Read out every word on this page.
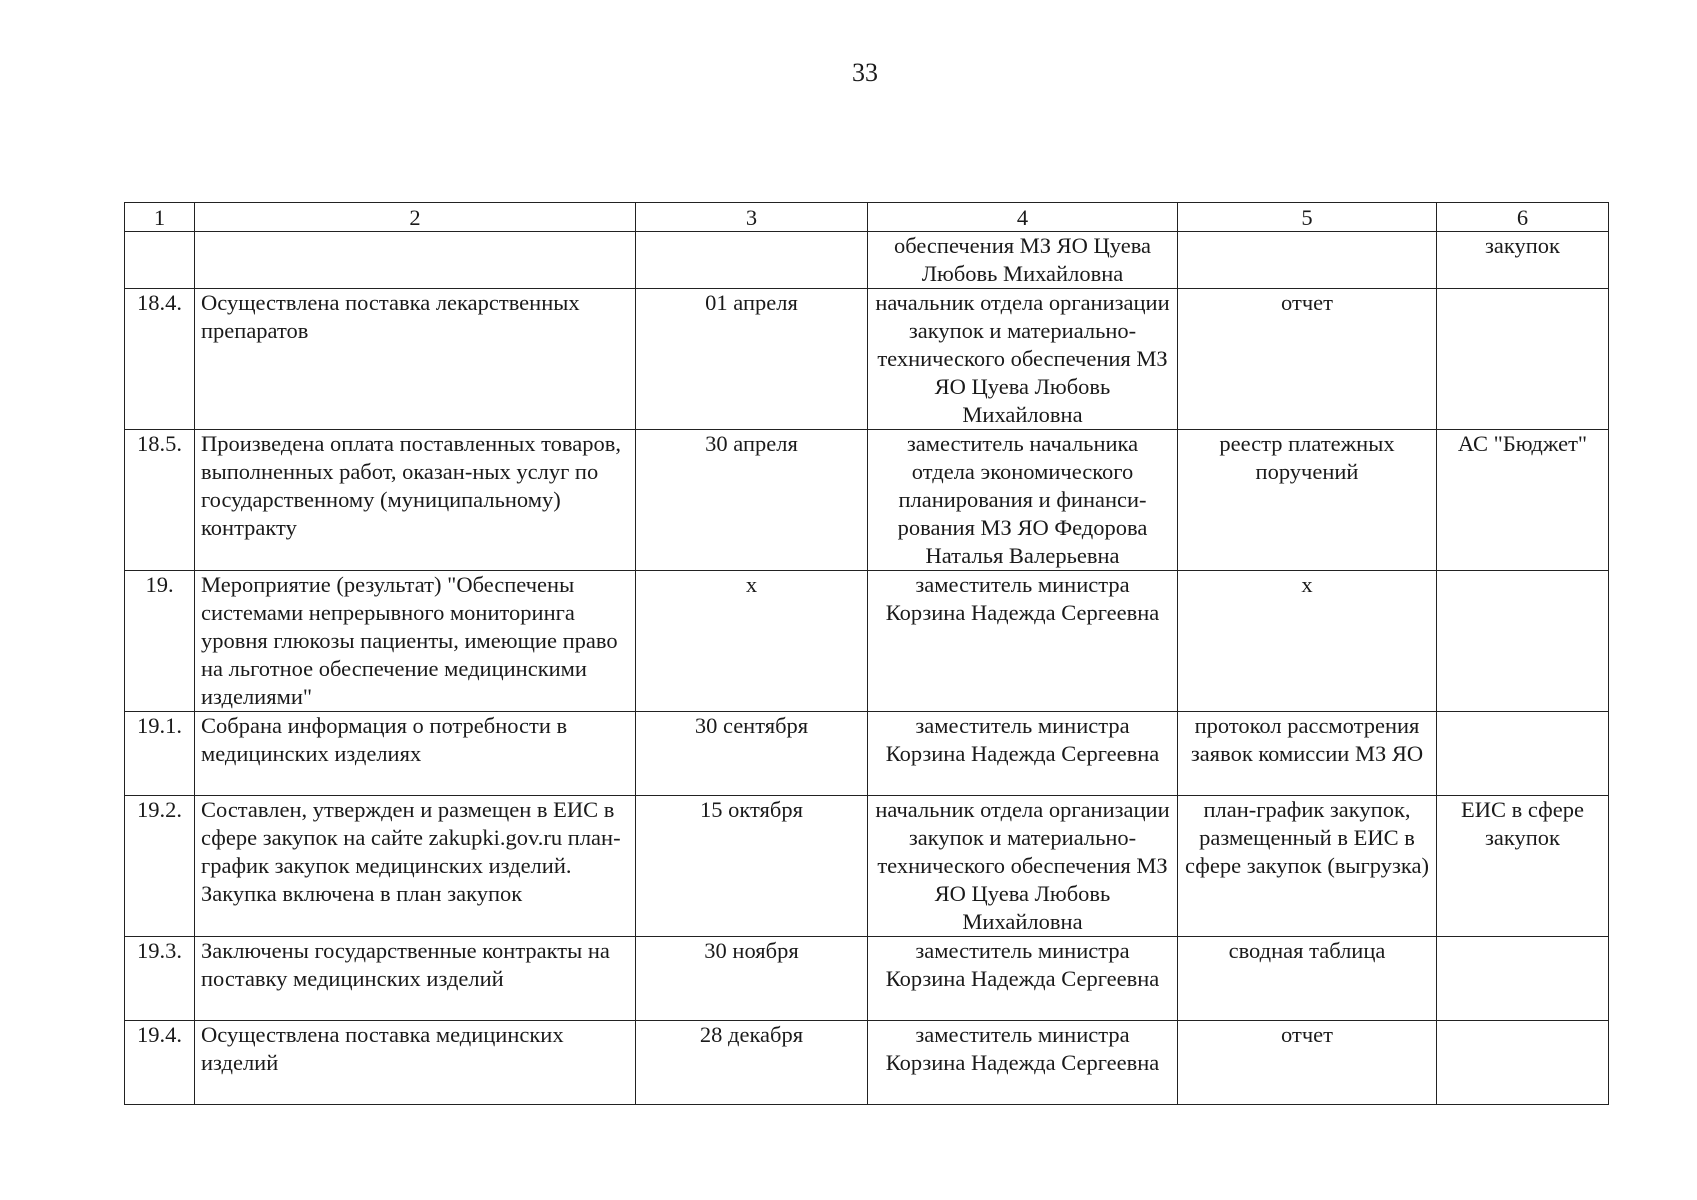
33
1	2	3	4	5	6
			обеспечения МЗ ЯО Цуева Любовь Михайловна		закупок
18.4.	Осуществлена поставка лекарственных препаратов	01 апреля	начальник отдела организации закупок и материально-технического обеспечения МЗ ЯО Цуева Любовь Михайловна	отчет	
18.5.	Произведена оплата поставленных товаров, выполненных работ, оказан-ных услуг по государственному (муниципальному) контракту	30 апреля	заместитель начальника отдела экономического планирования и финанси-рования МЗ ЯО Федорова Наталья Валерьевна	реестр платежных поручений	АС "Бюджет"
19.	Мероприятие (результат) "Обеспечены системами непрерывного мониторинга уровня глюкозы пациенты, имеющие право на льготное обеспечение медицинскими изделиями"	х	заместитель министра Корзина Надежда Сергеевна	х	
19.1.	Собрана информация о потребности в медицинских изделиях	30 сентября	заместитель министра Корзина Надежда Сергеевна	протокол рассмотрения заявок комиссии МЗ ЯО	
19.2.	Составлен, утвержден и размещен в ЕИС в сфере закупок на сайте zakupki.gov.ru план-график закупок медицинских изделий. Закупка включена в план закупок	15 октября	начальник отдела организации закупок и материально-технического обеспечения МЗ ЯО Цуева Любовь Михайловна	план-график закупок, размещенный в ЕИС в сфере закупок (выгрузка)	ЕИС в сфере закупок
19.3.	Заключены государственные контракты на поставку медицинских изделий	30 ноября	заместитель министра Корзина Надежда Сергеевна	сводная таблица	
19.4.	Осуществлена поставка медицинских изделий	28 декабря	заместитель министра Корзина Надежда Сергеевна	отчет	
